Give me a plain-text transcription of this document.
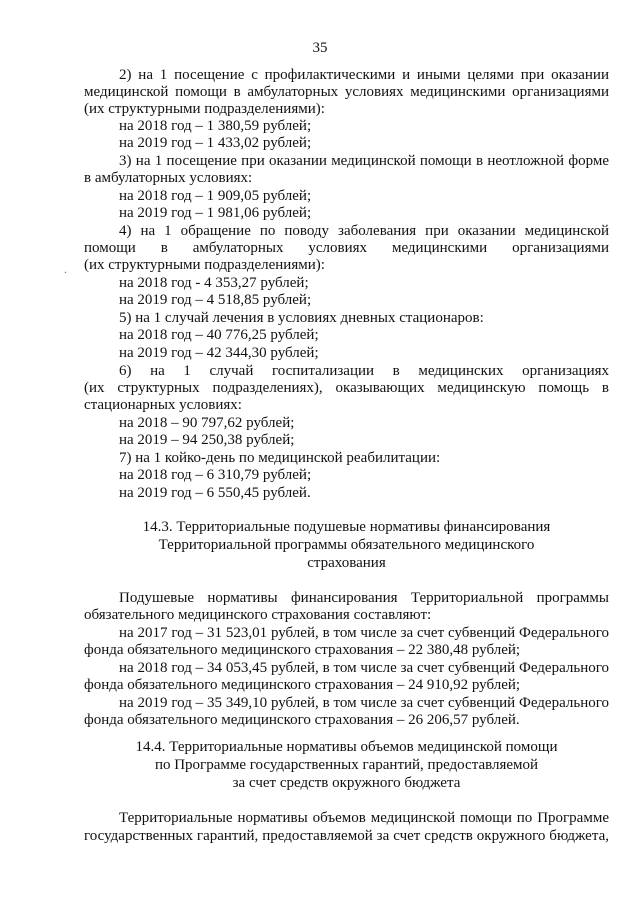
35
.
2) на 1 посещение с профилактическими и иными целями при оказании
медицинской помощи в амбулаторных условиях медицинскими организациями
(их структурными подразделениями):
на 2018 год – 1 380,59 рублей;
на 2019 год – 1 433,02 рублей;
3) на 1 посещение при оказании медицинской помощи в неотложной форме
в амбулаторных условиях:
на 2018 год – 1 909,05 рублей;
на 2019 год – 1 981,06 рублей;
4) на 1 обращение по поводу заболевания при оказании медицинской
помощи в амбулаторных условиях медицинскими организациями
(их структурными подразделениями):
на 2018 год - 4 353,27 рублей;
на 2019 год – 4 518,85 рублей;
5) на 1 случай лечения в условиях дневных стационаров:
на 2018 год – 40 776,25 рублей;
на 2019 год – 42 344,30 рублей;
6) на 1 случай госпитализации в медицинских организациях
(их структурных подразделениях), оказывающих медицинскую помощь в
стационарных условиях:
на 2018 – 90 797,62 рублей;
на 2019 – 94 250,38 рублей;
7) на 1 койко-день по медицинской реабилитации:
на 2018 год – 6 310,79 рублей;
на 2019 год – 6 550,45 рублей.
14.3. Территориальные подушевые нормативы финансирования
Территориальной программы обязательного медицинского
страхования
Подушевые нормативы финансирования Территориальной программы
обязательного медицинского страхования составляют:
на 2017 год – 31 523,01 рублей, в том числе за счет субвенций Федерального
фонда обязательного медицинского страхования – 22 380,48 рублей;
на 2018 год – 34 053,45 рублей, в том числе за счет субвенций Федерального
фонда обязательного медицинского страхования – 24 910,92 рублей;
на 2019 год – 35 349,10 рублей, в том числе за счет субвенций Федерального
фонда обязательного медицинского страхования – 26 206,57 рублей.
14.4. Территориальные нормативы объемов медицинской помощи
по Программе государственных гарантий, предоставляемой
за счет средств окружного бюджета
Территориальные нормативы объемов медицинской помощи по Программе
государственных гарантий, предоставляемой за счет средств окружного бюджета,
